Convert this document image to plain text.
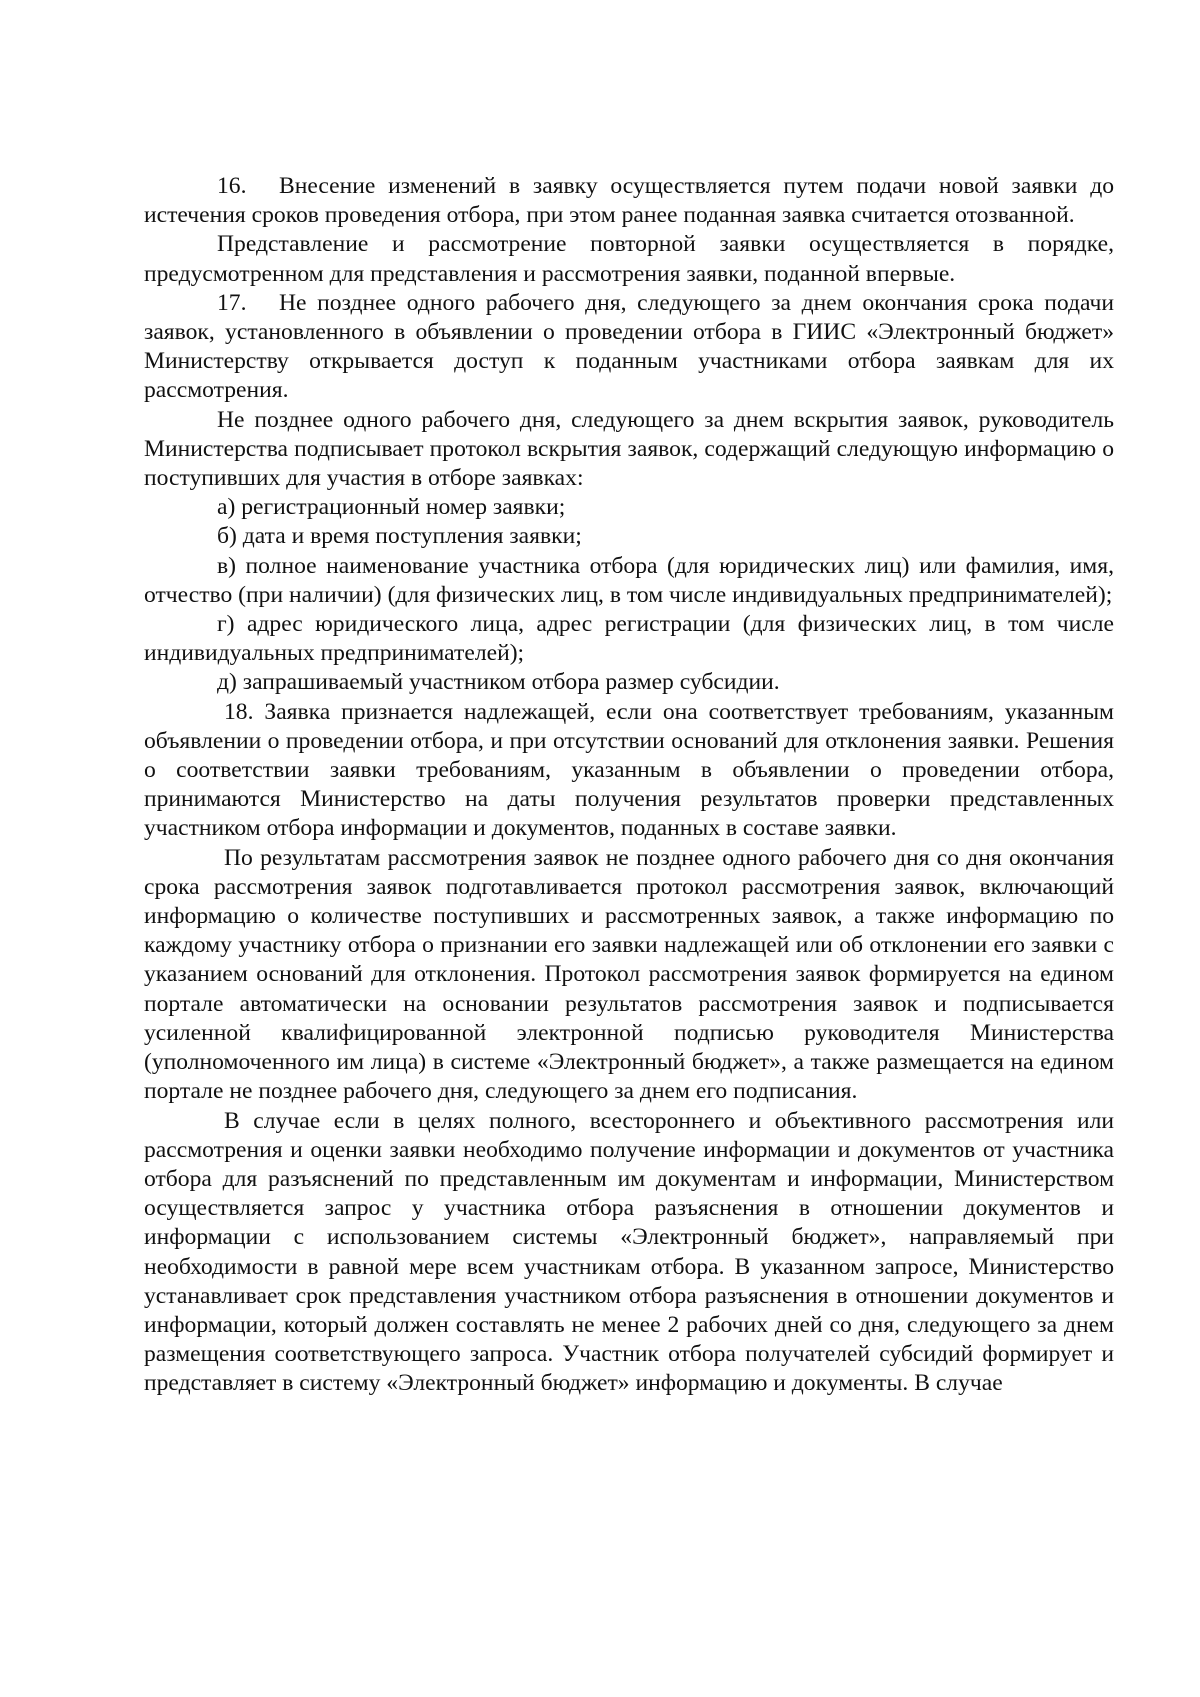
16. Внесение изменений в заявку осуществляется путем подачи новой заявки до истечения сроков проведения отбора, при этом ранее поданная заявка считается отозванной.

Представление и рассмотрение повторной заявки осуществляется в порядке, предусмотренном для представления и рассмотрения заявки, поданной впервые.

17. Не позднее одного рабочего дня, следующего за днем окончания срока подачи заявок, установленного в объявлении о проведении отбора в ГИИС «Электронный бюджет» Министерству открывается доступ к поданным участниками отбора заявкам для их рассмотрения.

Не позднее одного рабочего дня, следующего за днем вскрытия заявок, руководитель Министерства подписывает протокол вскрытия заявок, содержащий следующую информацию о поступивших для участия в отборе заявках:

а) регистрационный номер заявки;

б) дата и время поступления заявки;

в) полное наименование участника отбора (для юридических лиц) или фамилия, имя, отчество (при наличии) (для физических лиц, в том числе индивидуальных предпринимателей);

г) адрес юридического лица, адрес регистрации (для физических лиц, в том числе индивидуальных предпринимателей);

д) запрашиваемый участником отбора размер субсидии.

18. Заявка признается надлежащей, если она соответствует требованиям, указанным объявлении о проведении отбора, и при отсутствии оснований для отклонения заявки. Решения о соответствии заявки требованиям, указанным в объявлении о проведении отбора, принимаются Министерство на даты получения результатов проверки представленных участником отбора информации и документов, поданных в составе заявки.

По результатам рассмотрения заявок не позднее одного рабочего дня со дня окончания срока рассмотрения заявок подготавливается протокол рассмотрения заявок, включающий информацию о количестве поступивших и рассмотренных заявок, а также информацию по каждому участнику отбора о признании его заявки надлежащей или об отклонении его заявки с указанием оснований для отклонения. Протокол рассмотрения заявок формируется на едином портале автоматически на основании результатов рассмотрения заявок и подписывается усиленной квалифицированной электронной подписью руководителя Министерства (уполномоченного им лица) в системе «Электронный бюджет», а также размещается на едином портале не позднее рабочего дня, следующего за днем его подписания.

В случае если в целях полного, всестороннего и объективного рассмотрения или рассмотрения и оценки заявки необходимо получение информации и документов от участника отбора для разъяснений по представленным им документам и информации, Министерством осуществляется запрос у участника отбора разъяснения в отношении документов и информации с использованием системы «Электронный бюджет», направляемый при необходимости в равной мере всем участникам отбора. В указанном запросе, Министерство устанавливает срок представления участником отбора разъяснения в отношении документов и информации, который должен составлять не менее 2 рабочих дней со дня, следующего за днем размещения соответствующего запроса. Участник отбора получателей субсидий формирует и представляет в систему «Электронный бюджет» информацию и документы. В случае
